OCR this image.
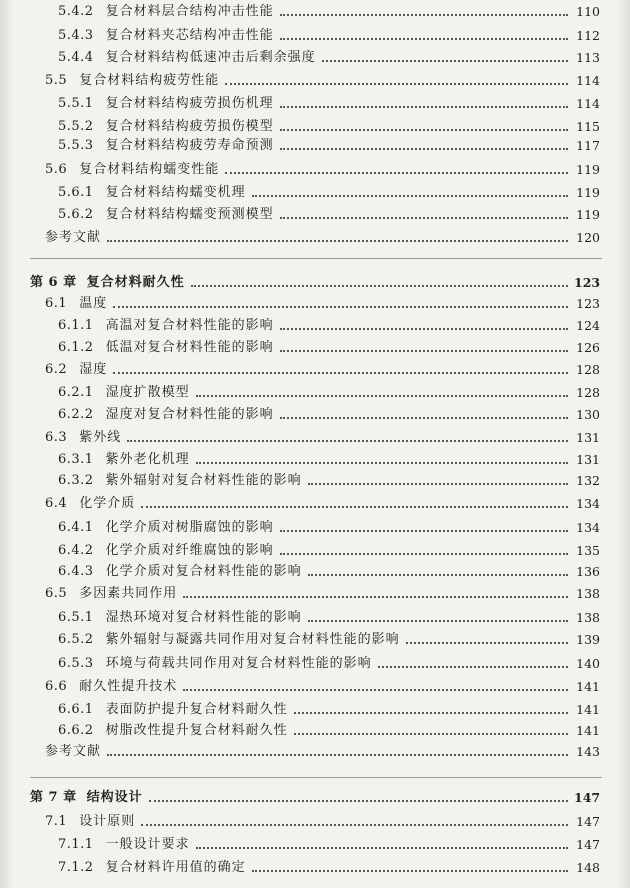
5.4.2 复合材料层合结构冲击性能	110
5.4.3 复合材料夹芯结构冲击性能	112
5.4.4 复合材料结构低速冲击后剩余强度	113
5.5 复合材料结构疲劳性能	114
5.5.1 复合材料结构疲劳损伤机理	114
5.5.2 复合材料结构疲劳损伤模型	115
5.5.3 复合材料结构疲劳寿命预测	117
5.6 复合材料结构蠕变性能	119
5.6.1 复合材料结构蠕变机理	119
5.6.2 复合材料结构蠕变预测模型	119
参考文献	120
第 6 章 复合材料耐久性	123
6.1 温度	123
6.1.1 高温对复合材料性能的影响	124
6.1.2 低温对复合材料性能的影响	126
6.2 湿度	128
6.2.1 湿度扩散模型	128
6.2.2 湿度对复合材料性能的影响	130
6.3 紫外线	131
6.3.1 紫外老化机理	131
6.3.2 紫外辐射对复合材料性能的影响	132
6.4 化学介质	134
6.4.1 化学介质对树脂腐蚀的影响	134
6.4.2 化学介质对纤维腐蚀的影响	135
6.4.3 化学介质对复合材料性能的影响	136
6.5 多因素共同作用	138
6.5.1 湿热环境对复合材料性能的影响	138
6.5.2 紫外辐射与凝露共同作用对复合材料性能的影响	139
6.5.3 环境与荷载共同作用对复合材料性能的影响	140
6.6 耐久性提升技术	141
6.6.1 表面防护提升复合材料耐久性	141
6.6.2 树脂改性提升复合材料耐久性	141
参考文献	143
第 7 章 结构设计	147
7.1 设计原则	147
7.1.1 一般设计要求	147
7.1.2 复合材料许用值的确定	148
